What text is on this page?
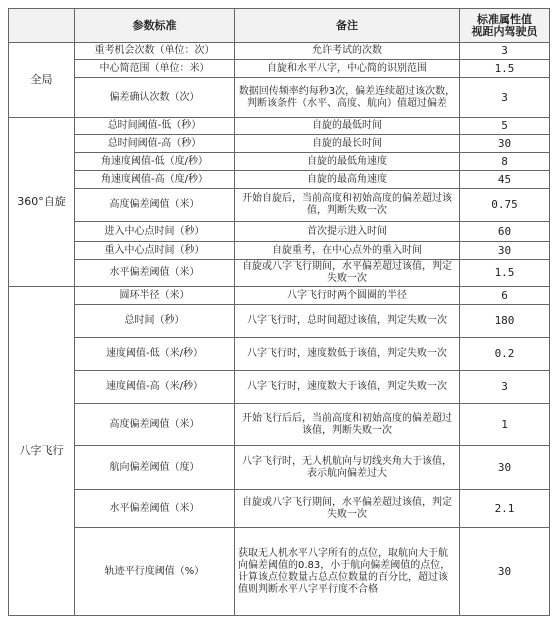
	参数标准	备注	标准属性值
视距内驾驶员

全局	重考机会次数（单位：次）	允许考试的次数	3
	中心简范围（单位：米）	自旋和水平八字，中心简的识别范围	1.5
	偏差确认次数（次）	数据回传频率约每秒3次，偏差连续超过该次数，判断该条件（水平、高度、航向）值超过偏差	3
360°自旋	总时间阈值-低（秒）	自旋的最低时间	5
	总时间阈值-高（秒）	自旋的最长时间	30
	角速度阈值-低（度/秒）	自旋的最低角速度	8
	角速度阈值-高（度/秒）	自旋的最高角速度	45
	高度偏差阈值（米）	开始自旋后，当前高度和初始高度的偏差超过该值，判断失败一次	0.75
	进入中心点时间（秒）	首次提示进入时间	60
	重入中心点时间（秒）	自旋重考，在中心点外的重入时间	30
	水平偏差阈值（米）	自旋或八字飞行期间，水平偏差超过该值，判定失败一次	1.5
八字飞行	圆环半径（米）	八字飞行时两个圆圈的半径	6
	总时间（秒）	八字飞行时，总时间超过该值，判定失败一次	180
	速度阈值-低（米/秒）	八字飞行时，速度数低于该值，判定失败一次	0.2
	速度阈值-高（米/秒）	八字飞行时，速度数大于该值，判定失败一次	3
	高度偏差阈值（米）	开始飞行后后，当前高度和初始高度的偏差超过该值，判断失败一次	1
	航向偏差阈值（度）	八字飞行时，无人机航向与切线夹角大于该值，表示航向偏差过大	30
	水平偏差阈值（米）	自旋或八字飞行期间，水平偏差超过该值，判定失败一次	2.1
	轨迹平行度阈值（%）	获取无人机水平八字所有的点位，取航向大于航向偏差阈值的0.83，小于航向偏差阈值的点位，计算该点位数量占总点位数量的百分比，超过该值则判断水平八字平行度不合格	30
